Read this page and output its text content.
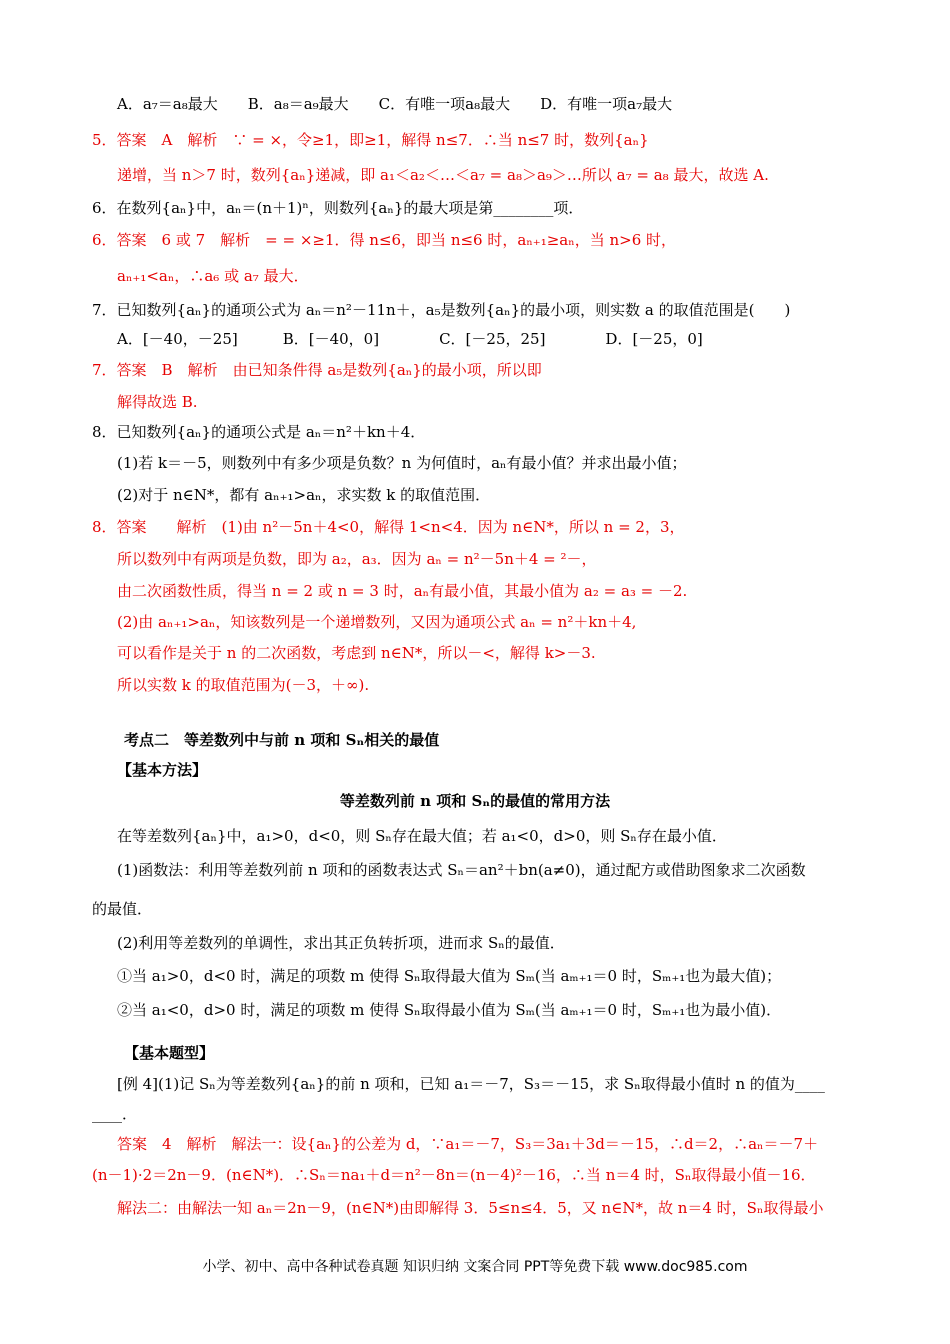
A．a₇＝a₈最大　　B．a₈＝a₉最大　　C．有唯一项a₈最大　　D．有唯一项a₇最大
5．答案　A　解析　∵ = ×，令≥1，即≥1，解得 n≤7．∴当 n≤7 时，数列{aₙ}
递增，当 n＞7 时，数列{aₙ}递减，即 a₁＜a₂＜…＜a₇ = a₈＞a₉＞…所以 a₇ = a₈ 最大，故选 A.
6．在数列{aₙ}中，aₙ＝(n＋1)ⁿ，则数列{aₙ}的最大项是第________项．
6．答案　6 或 7　解析　= = ×≥1．得 n≤6，即当 n≤6 时，aₙ₊₁≥aₙ，当 n>6 时，
aₙ₊₁<aₙ，∴a₆ 或 a₇ 最大．
7．已知数列{aₙ}的通项公式为 aₙ＝n²－11n＋，a₅是数列{aₙ}的最小项，则实数 a 的取值范围是(　　)
A．[－40，－25]　　　B．[－40，0]　　　　C．[－25，25]　　　　D．[－25，0]
7．答案　B　解析　由已知条件得 a₅是数列{aₙ}的最小项，所以即
解得故选 B.
8．已知数列{aₙ}的通项公式是 aₙ＝n²＋kn＋4．
(1)若 k＝－5，则数列中有多少项是负数？n 为何值时，aₙ有最小值？并求出最小值；
(2)对于 n∈N*，都有 aₙ₊₁>aₙ，求实数 k 的取值范围．
8．答案　　解析　(1)由 n²－5n＋4<0，解得 1<n<4．因为 n∈N*，所以 n = 2，3，
所以数列中有两项是负数，即为 a₂，a₃．因为 aₙ = n²－5n＋4 = ²－，
由二次函数性质，得当 n = 2 或 n = 3 时，aₙ有最小值，其最小值为 a₂ = a₃ = －2.
(2)由 aₙ₊₁>aₙ，知该数列是一个递增数列，又因为通项公式 aₙ = n²＋kn＋4,
可以看作是关于 n 的二次函数，考虑到 n∈N*，所以－<，解得 k>－3.
所以实数 k 的取值范围为(－3，＋∞).
考点二　等差数列中与前 n 项和 Sₙ相关的最值
【基本方法】
等差数列前 n 项和 Sₙ的最值的常用方法
在等差数列{aₙ}中，a₁>0，d<0，则 Sₙ存在最大值；若 a₁<0，d>0，则 Sₙ存在最小值．
(1)函数法：利用等差数列前 n 项和的函数表达式 Sₙ＝an²＋bn(a≠0)，通过配方或借助图象求二次函数
的最值．
(2)利用等差数列的单调性，求出其正负转折项，进而求 Sₙ的最值．
①当 a₁>0，d<0 时，满足的项数 m 使得 Sₙ取得最大值为 Sₘ(当 aₘ₊₁＝0 时，Sₘ₊₁也为最大值)；
②当 a₁<0，d>0 时，满足的项数 m 使得 Sₙ取得最小值为 Sₘ(当 aₘ₊₁＝0 时，Sₘ₊₁也为最小值)．
【基本题型】
[例 4](1)记 Sₙ为等差数列{aₙ}的前 n 项和，已知 a₁＝－7，S₃＝－15，求 Sₙ取得最小值时 n 的值为____
____．
答案　4　解析　解法一：设{aₙ}的公差为 d，∵a₁＝－7，S₃＝3a₁＋3d＝－15，∴d＝2，∴aₙ＝－7＋
(n－1)·2＝2n－9．(n∈N*)．∴Sₙ＝na₁＋d＝n²－8n＝(n－4)²－16，∴当 n＝4 时，Sₙ取得最小值－16．
解法二：由解法一知 aₙ＝2n－9，(n∈N*)由即解得 3．5≤n≤4．5，又 n∈N*，故 n＝4 时，Sₙ取得最小
小学、初中、高中各种试卷真题 知识归纳 文案合同 PPT等免费下载 www.doc985.com
